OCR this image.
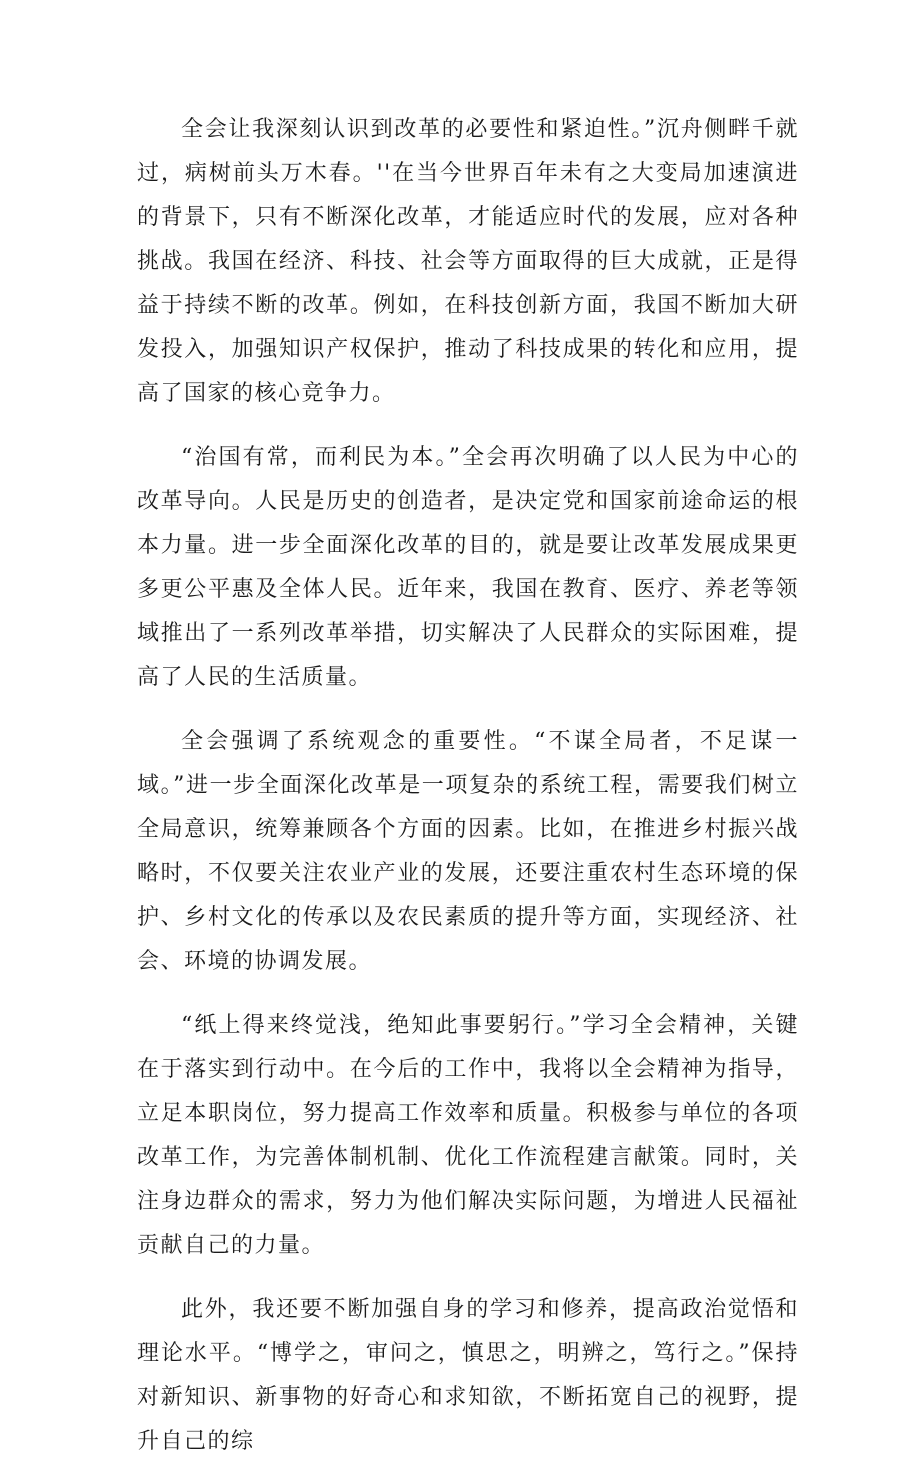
全会让我深刻认识到改革的必要性和紧迫性。”沉舟侧畔千就过，病树前头万木春。''在当今世界百年未有之大变局加速演进的背景下，只有不断深化改革，才能适应时代的发展，应对各种挑战。我国在经济、科技、社会等方面取得的巨大成就，正是得益于持续不断的改革。例如，在科技创新方面，我国不断加大研发投入，加强知识产权保护，推动了科技成果的转化和应用，提高了国家的核心竞争力。

“治国有常，而利民为本。”全会再次明确了以人民为中心的改革导向。人民是历史的创造者，是决定党和国家前途命运的根本力量。进一步全面深化改革的目的，就是要让改革发展成果更多更公平惠及全体人民。近年来，我国在教育、医疗、养老等领域推出了一系列改革举措，切实解决了人民群众的实际困难，提高了人民的生活质量。

全会强调了系统观念的重要性。“不谋全局者，不足谋一域。”进一步全面深化改革是一项复杂的系统工程，需要我们树立全局意识，统筹兼顾各个方面的因素。比如，在推进乡村振兴战略时，不仅要关注农业产业的发展，还要注重农村生态环境的保护、乡村文化的传承以及农民素质的提升等方面，实现经济、社会、环境的协调发展。

“纸上得来终觉浅，绝知此事要躬行。”学习全会精神，关键在于落实到行动中。在今后的工作中，我将以全会精神为指导，立足本职岗位，努力提高工作效率和质量。积极参与单位的各项改革工作，为完善体制机制、优化工作流程建言献策。同时，关注身边群众的需求，努力为他们解决实际问题，为增进人民福祉贡献自己的力量。

此外，我还要不断加强自身的学习和修养，提高政治觉悟和理论水平。“博学之，审问之，慎思之，明辨之，笃行之。”保持对新知识、新事物的好奇心和求知欲，不断拓宽自己的视野，提升自己的综
